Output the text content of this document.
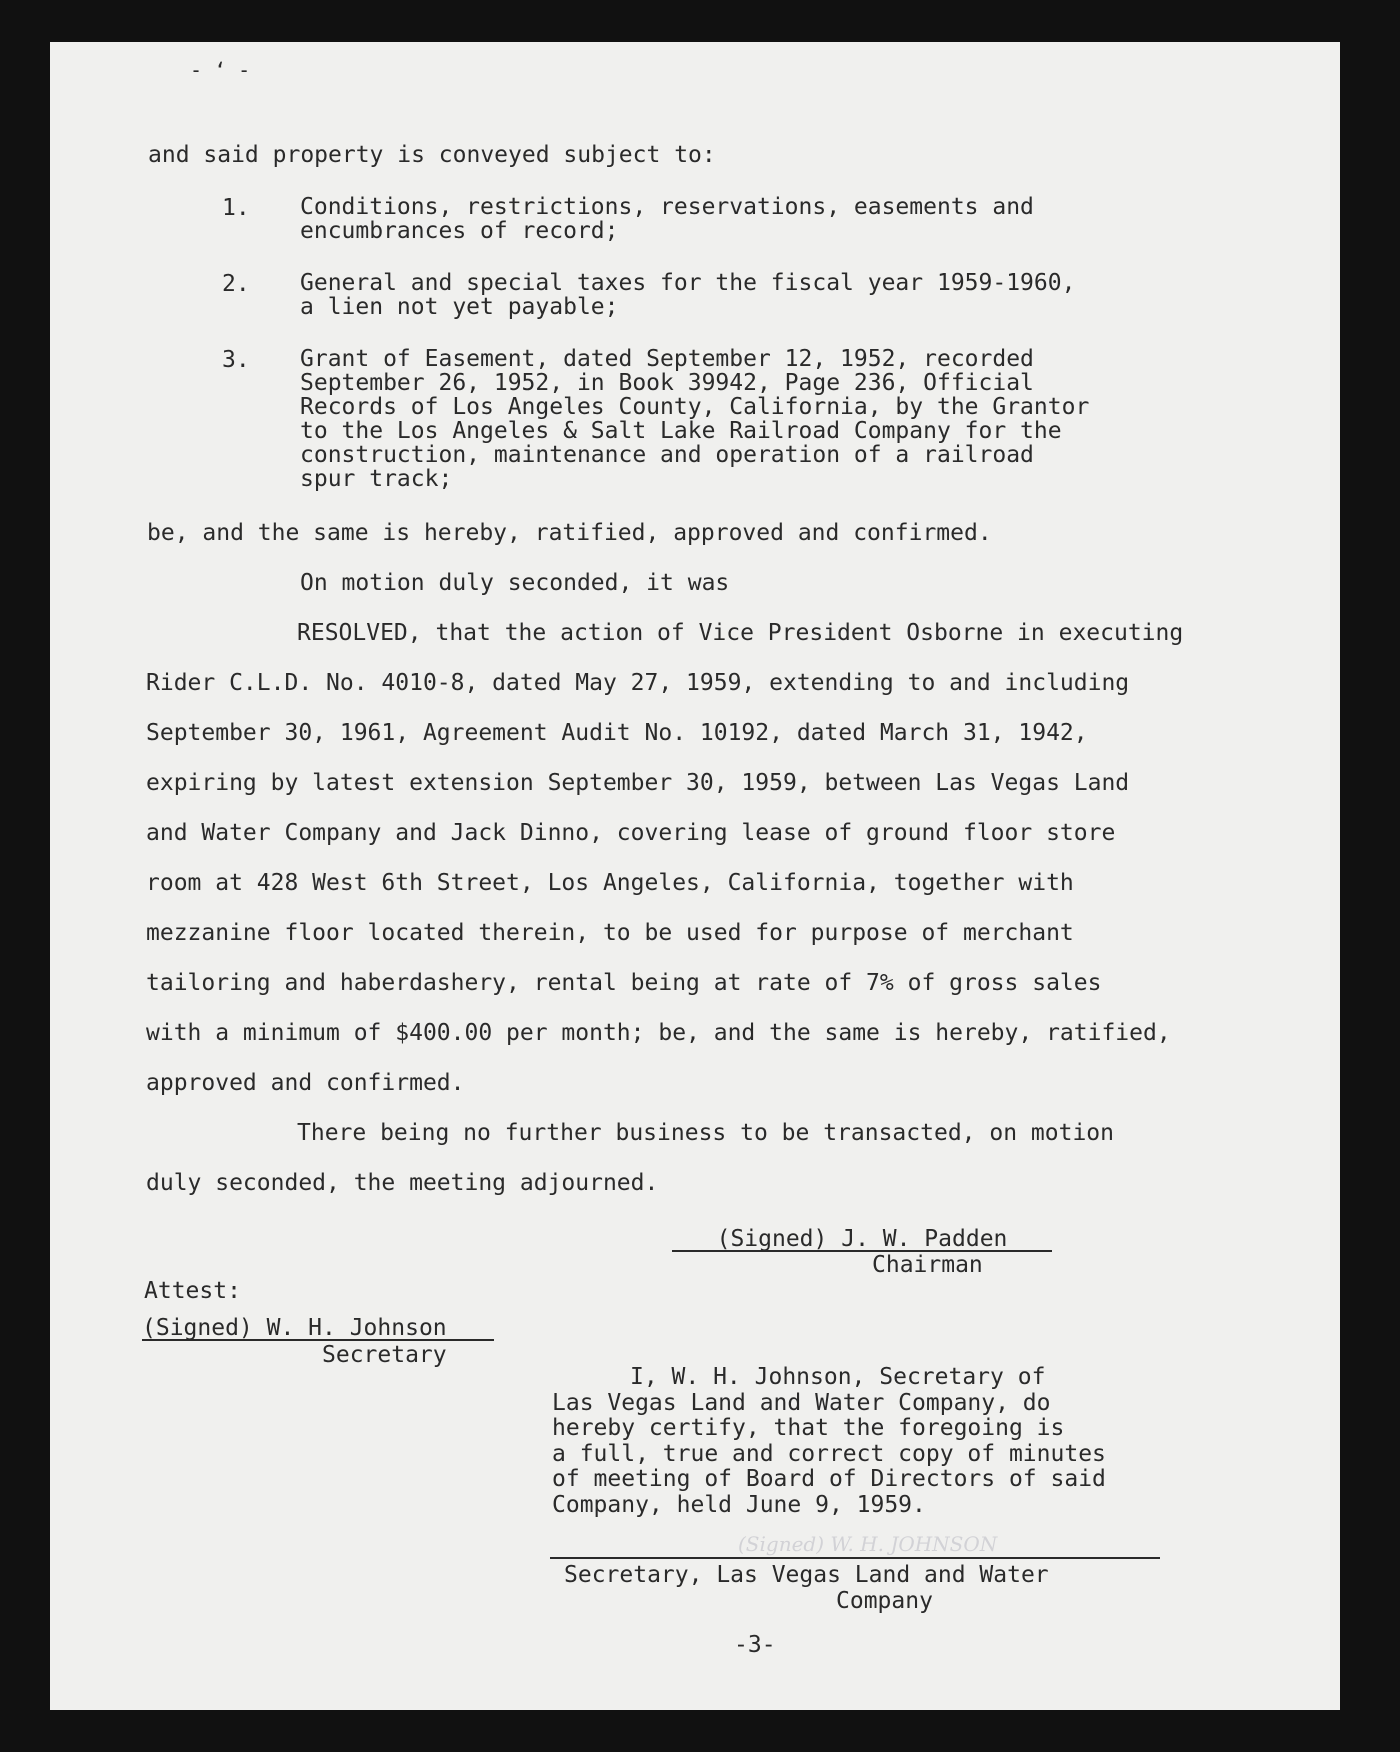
- ʻ -
and said property is conveyed subject to:
1. Conditions, restrictions, reservations, easements and
encumbrances of record;
2. General and special taxes for the fiscal year 1959-1960,
a lien not yet payable;
3. Grant of Easement, dated September 12, 1952, recorded
September 26, 1952, in Book 39942, Page 236, Official
Records of Los Angeles County, California, by the Grantor
to the Los Angeles & Salt Lake Railroad Company for the
construction, maintenance and operation of a railroad
spur track;
be, and the same is hereby, ratified, approved and confirmed.
On motion duly seconded, it was
RESOLVED, that the action of Vice President Osborne in executing
Rider C.L.D. No. 4010-8, dated May 27, 1959, extending to and including
September 30, 1961, Agreement Audit No. 10192, dated March 31, 1942,
expiring by latest extension September 30, 1959, between Las Vegas Land
and Water Company and Jack Dinno, covering lease of ground floor store
room at 428 West 6th Street, Los Angeles, California, together with
mezzanine floor located therein, to be used for purpose of merchant
tailoring and haberdashery, rental being at rate of 7% of gross sales
with a minimum of $400.00 per month; be, and the same is hereby, ratified,
approved and confirmed.
There being no further business to be transacted, on motion
duly seconded, the meeting adjourned.
(Signed) J. W. Padden
Chairman
Attest:
(Signed) W. H. Johnson
Secretary
I, W. H. Johnson, Secretary of
Las Vegas Land and Water Company, do
hereby certify, that the foregoing is
a full, true and correct copy of minutes
of meeting of Board of Directors of said
Company, held June 9, 1959.
(Signed) W. H. JOHNSON
Secretary, Las Vegas Land and Water
Company
-3-
